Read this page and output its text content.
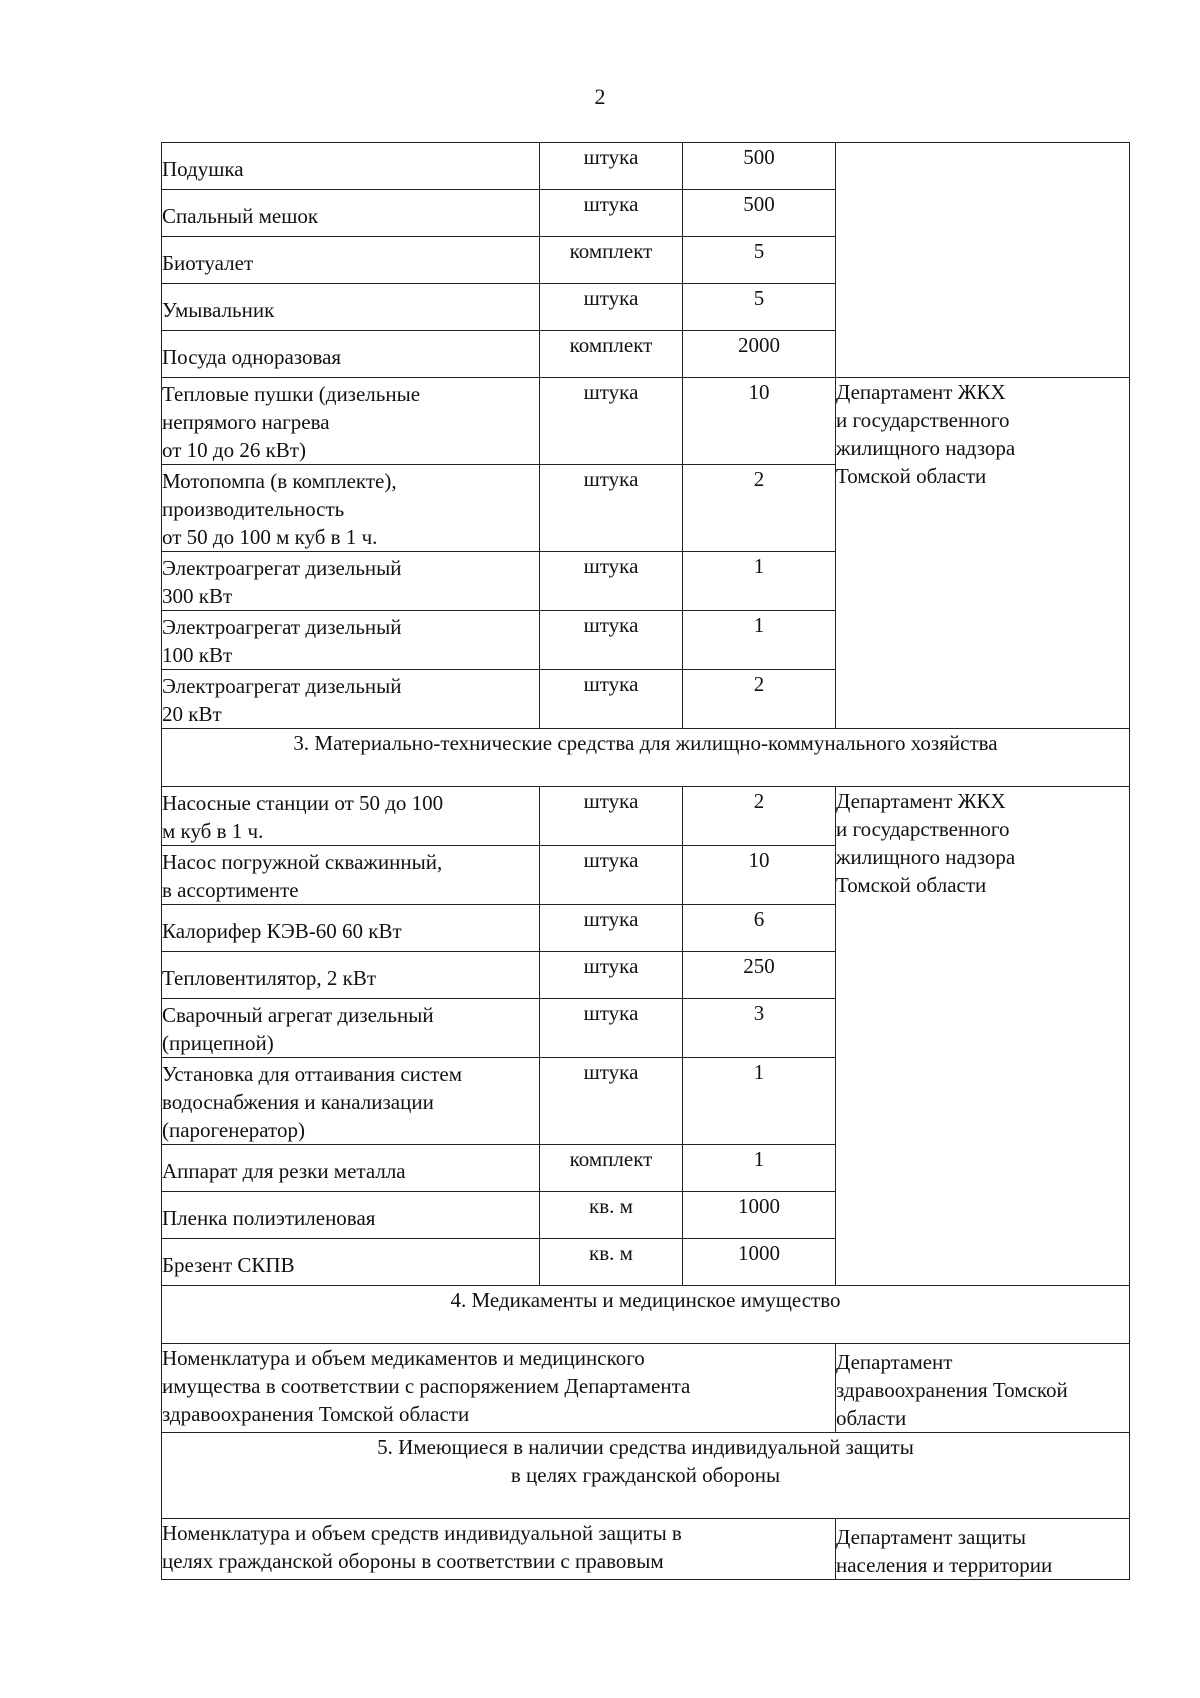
2
Подушка	штука	500	
Спальный мешок	штука	500	
Биотуалет	комплект	5	
Умывальник	штука	5	
Посуда одноразовая	комплект	2000	

Тепловые пушки (дизельные
непрямого нагрева
от 10 до 26 кВт)	штука	10	Департамент ЖКХ
и государственного
жилищного надзора
Томской области

Мотопомпа (в комплекте),
производительность
от 50 до 100 м куб в 1 ч.	штука	2	

Электроагрегат дизельный
300 кВт	штука	1	

Электроагрегат дизельный
100 кВт	штука	1	

Электроагрегат дизельный
20 кВт	штука	2	
3. Материально-технические средства для жилищно-коммунального хозяйства			

Насосные станции от 50 до 100
м куб в 1 ч.	штука	2	Департамент ЖКХ
и государственного
жилищного надзора
Томской области

Насос погружной скважинный,
в ассортименте	штука	10	
Калорифер КЭВ-60 60 кВт	штука	6	
Тепловентилятор, 2 кВт	штука	250	

Сварочный агрегат дизельный
(прицепной)	штука	3	

Установка для оттаивания систем
водоснабжения и канализации
(парогенератор)	штука	1	
Аппарат для резки металла	комплект	1	
Пленка полиэтиленовая	кв. м	1000	
Брезент СКПВ	кв. м	1000	
4. Медикаменты и медицинское имущество			

Номенклатура и объем медикаментов и медицинского
имущества в соответствии с распоряжением Департамента
здравоохранения Томской области			Департамент
здравоохранения Томской
области

5. Имеющиеся в наличии средства индивидуальной защиты
в целях гражданской обороны			

Номенклатура и объем средств индивидуальной защиты в
целях гражданской обороны в соответствии с правовым			Департамент защиты
населения и территории
